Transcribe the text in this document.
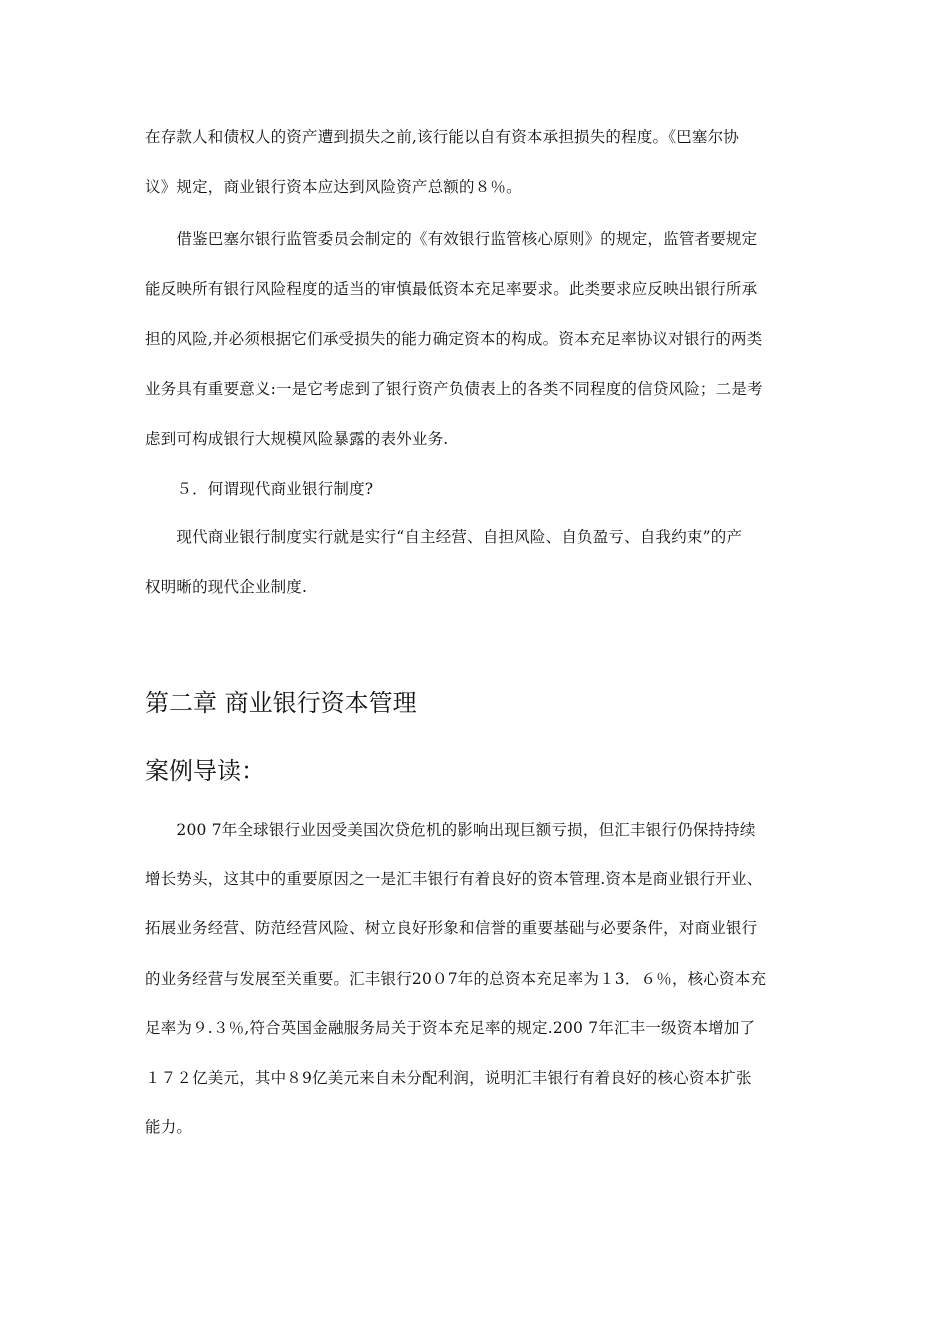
在存款人和债权人的资产遭到损失之前,该行能以自有资本承担损失的程度。《巴塞尔协
议》规定，商业银行资本应达到风险资产总额的８％。
　　借鉴巴塞尔银行监管委员会制定的《有效银行监管核心原则》的规定，监管者要规定
能反映所有银行风险程度的适当的审慎最低资本充足率要求。此类要求应反映出银行所承
担的风险,并必须根据它们承受损失的能力确定资本的构成。资本充足率协议对银行的两类
业务具有重要意义:一是它考虑到了银行资产负债表上的各类不同程度的信贷风险；二是考
虑到可构成银行大规模风险暴露的表外业务.
　　５．何谓现代商业银行制度?
　　现代商业银行制度实行就是实行“自主经营、自担风险、自负盈亏、自我约束”的产
权明晰的现代企业制度.
第二章 商业银行资本管理
案例导读：
　　200 7年全球银行业因受美国次贷危机的影响出现巨额亏损，但汇丰银行仍保持持续
增长势头，这其中的重要原因之一是汇丰银行有着良好的资本管理.资本是商业银行开业、
拓展业务经营、防范经营风险、树立良好形象和信誉的重要基础与必要条件，对商业银行
的业务经营与发展至关重要。汇丰银行20０7年的总资本充足率为１3．６％，核心资本充
足率为９.３％,符合英国金融服务局关于资本充足率的规定.200 7年汇丰一级资本增加了
１７２亿美元，其中８9亿美元来自未分配利润，说明汇丰银行有着良好的核心资本扩张
能力。
